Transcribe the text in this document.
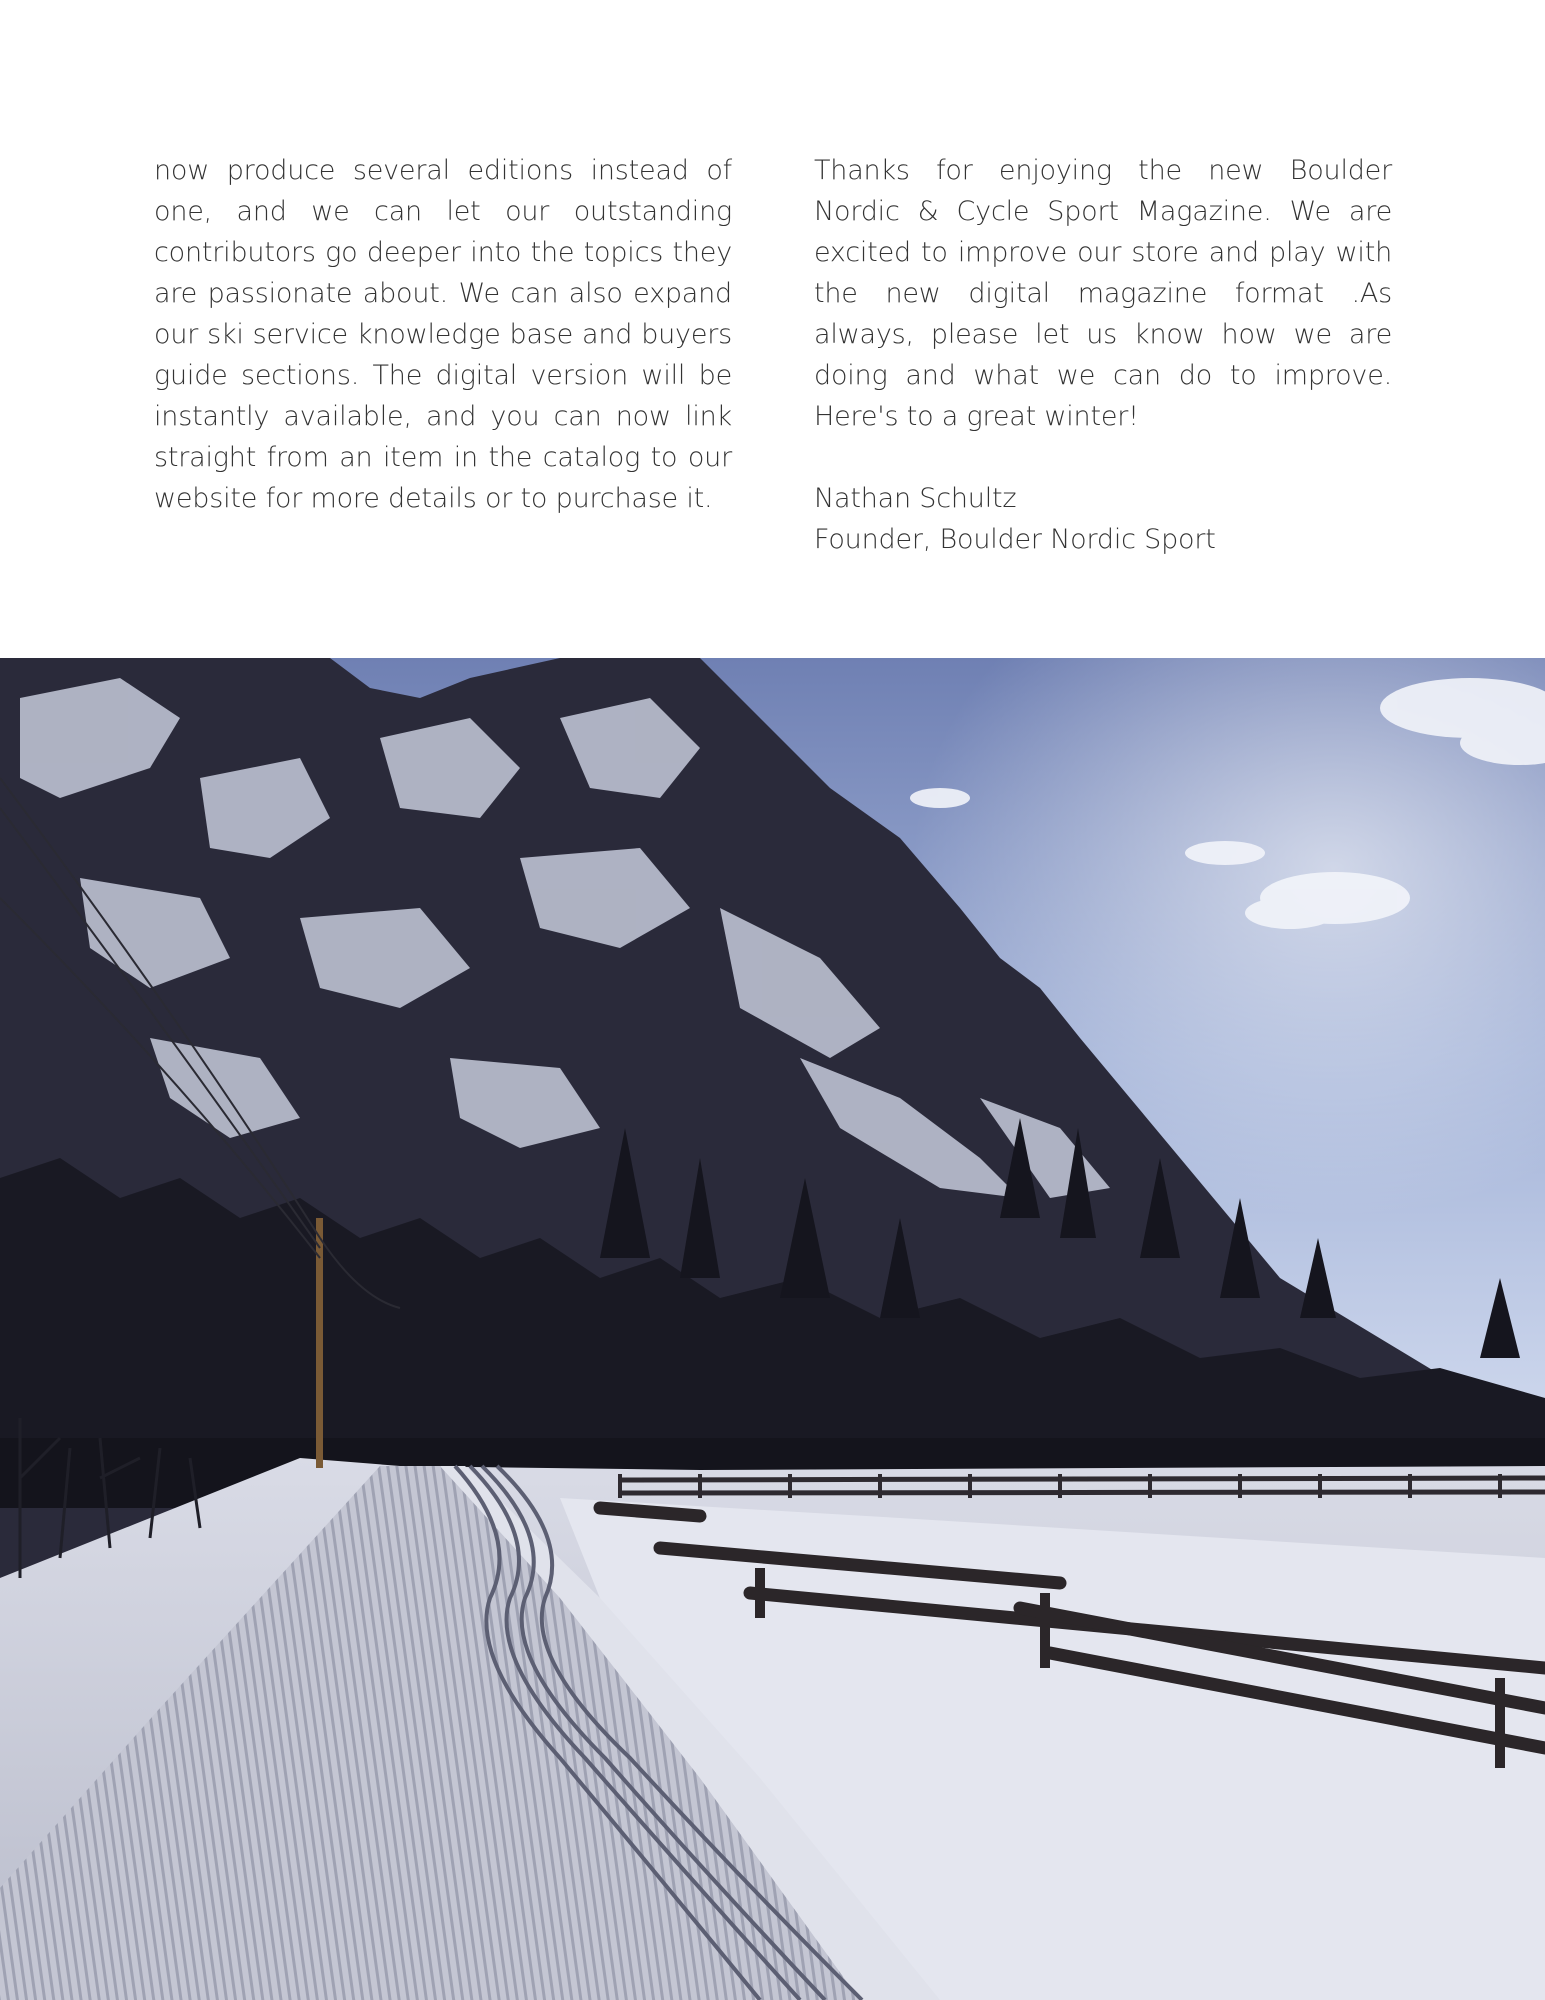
now produce several editions instead of one, and we can let our outstanding contributors go deeper into the topics they are passionate about. We can also expand our ski service knowledge base and buyers guide sections. The digital version will be instantly available, and you can now link straight from an item in the catalog to our website for more details or to purchase it.

Thanks for enjoying the new Boulder Nordic & Cycle Sport Magazine. We are excited to improve our store and play with the new digital magazine format .As always, please let us know how we are doing and what we can do to improve. Here's to a great winter!

Nathan Schultz
Founder, Boulder Nordic Sport
